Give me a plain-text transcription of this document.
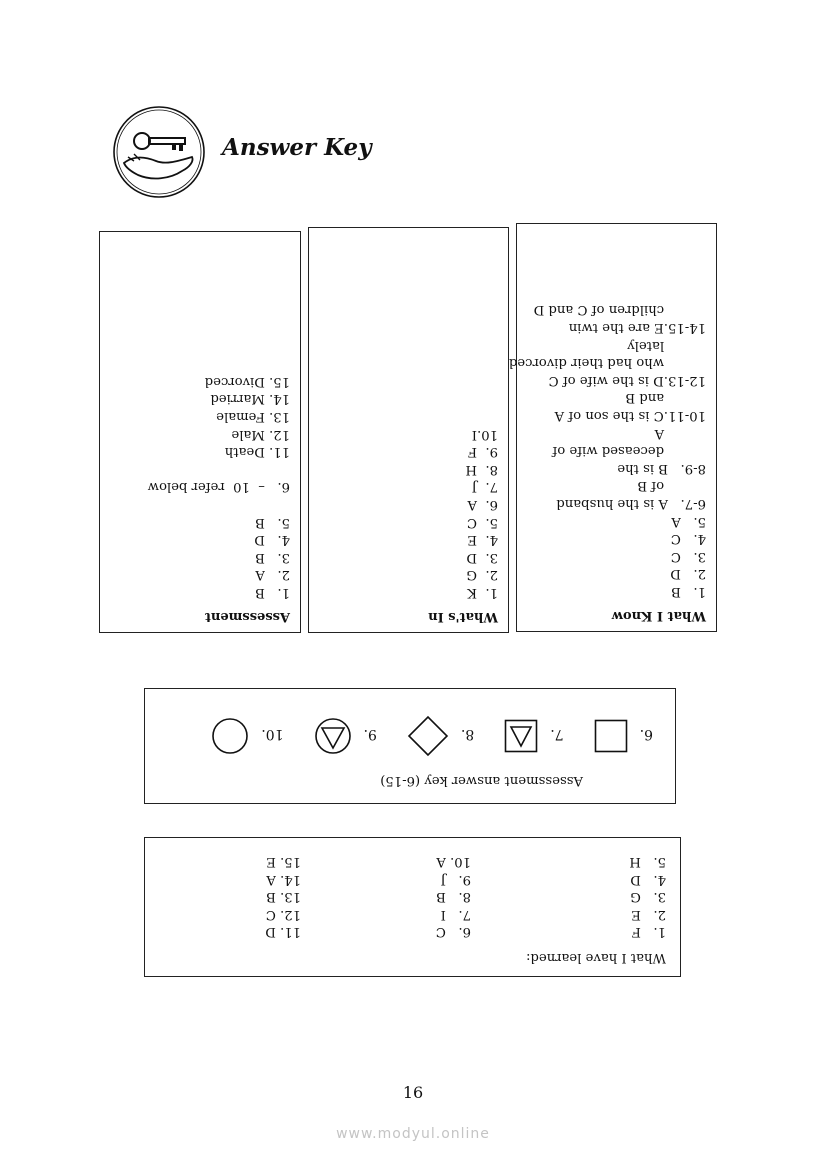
Answer Key
What I Know
1.   B
2.   D
3.   C
4.   C
5.   A
6-7.   A is the husband
of B
8-9.   B is the
deceased wife of
A
10-11.C is the son of A
and B
12-13.D is the wife of C
who had their divorced
lately
14-15.E are the twin
children of C and D
What's In
1.  K
2.  G
3.  D
4.  E
5.  C
6.  A
7.  J
8.  H
9.  F
10.I
Assessment
1.   B
2.   A
3.   B
4.   D
5.   B
6.   –  10  refer below
11. Death
12. Male
13. Female
14. Married
15. Divorced
Assessment answer key (6-15)
6.
7.
8.
9.
10.
What I have learned:
1.   F
6.   C
11. D
2.   E
7.   I
12. C
3.   G
8.   B
13. B
4.   D
9.   J
14. A
5.   H
10. A
15. E
16
www.modyul.online
